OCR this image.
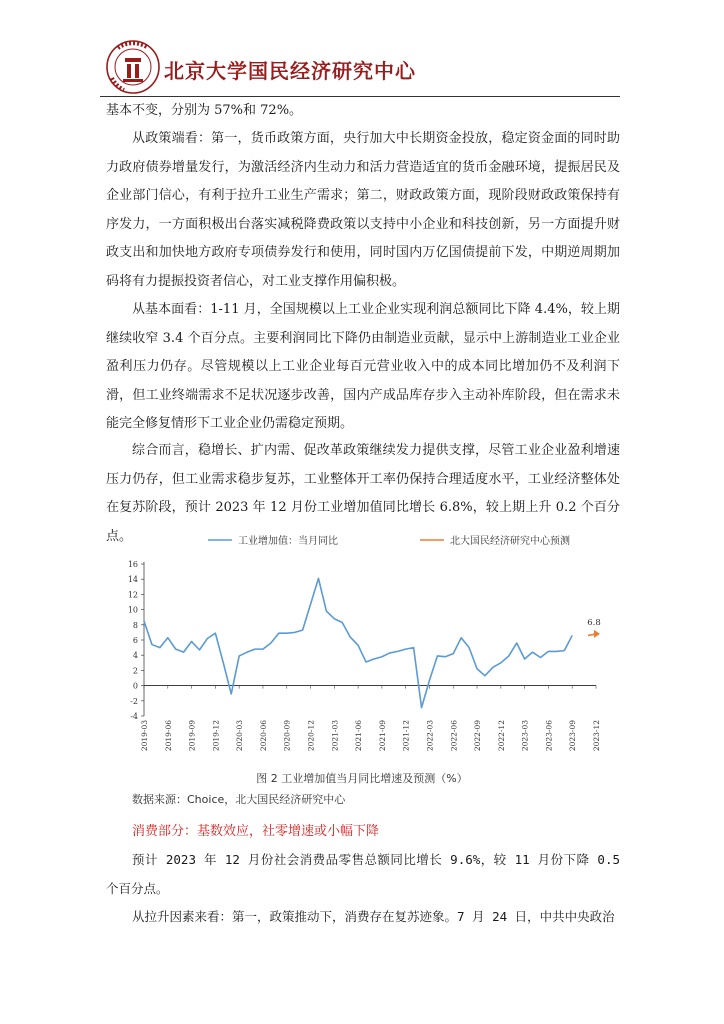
北京大学国民经济研究中心

基本不变，分别为 57%和 72%。

从政策端看：第一，货币政策方面，央行加大中长期资金投放，稳定资金面的同时助力政府债券增量发行，为激活经济内生动力和活力营造适宜的货币金融环境，提振居民及企业部门信心，有利于拉升工业生产需求；第二，财政政策方面，现阶段财政政策保持有序发力，一方面积极出台落实减税降费政策以支持中小企业和科技创新，另一方面提升财政支出和加快地方政府专项债券发行和使用，同时国内万亿国债提前下发，中期逆周期加码将有力提振投资者信心，对工业支撑作用偏积极。

从基本面看：1-11 月，全国规模以上工业企业实现利润总额同比下降 4.4%，较上期继续收窄 3.4 个百分点。主要利润同比下降仍由制造业贡献，显示中上游制造业工业企业盈利压力仍存。尽管规模以上工业企业每百元营业收入中的成本同比增加仍不及利润下滑，但工业终端需求不足状况逐步改善，国内产成品库存步入主动补库阶段，但在需求未能完全修复情形下工业企业仍需稳定预期。

综合而言，稳增长、扩内需、促改革政策继续发力提供支撑，尽管工业企业盈利增速压力仍存，但工业需求稳步复苏，工业整体开工率仍保持合理适度水平，工业经济整体处在复苏阶段，预计 2023 年 12 月份工业增加值同比增长 6.8%，较上期上升 0.2 个百分点。	工业增加值：当月同比	北大国民经济研究中心预测
-4
-2
0
2
4
6
8
10
12
14
16
2019-03 2019-06 2019-09 2019-12 2020-03 2020-06 2020-09 2020-12 2021-03 2021-06 2021-09 2021-12 2022-03 2022-06 2022-09 2022-12 2023-03 2023-06 2023-09 2023-12
6.8
图 2 工业增加值当月同比增速及预测（%）
数据来源：Choice，北大国民经济研究中心
消费部分：基数效应，社零增速或小幅下降

预计 2023 年 12 月份社会消费品零售总额同比增长 9.6%，较 11 月份下降 0.5 个百分点。

从拉升因素来看：第一，政策推动下，消费存在复苏迹象。7 月 24 日，中共中央政治
